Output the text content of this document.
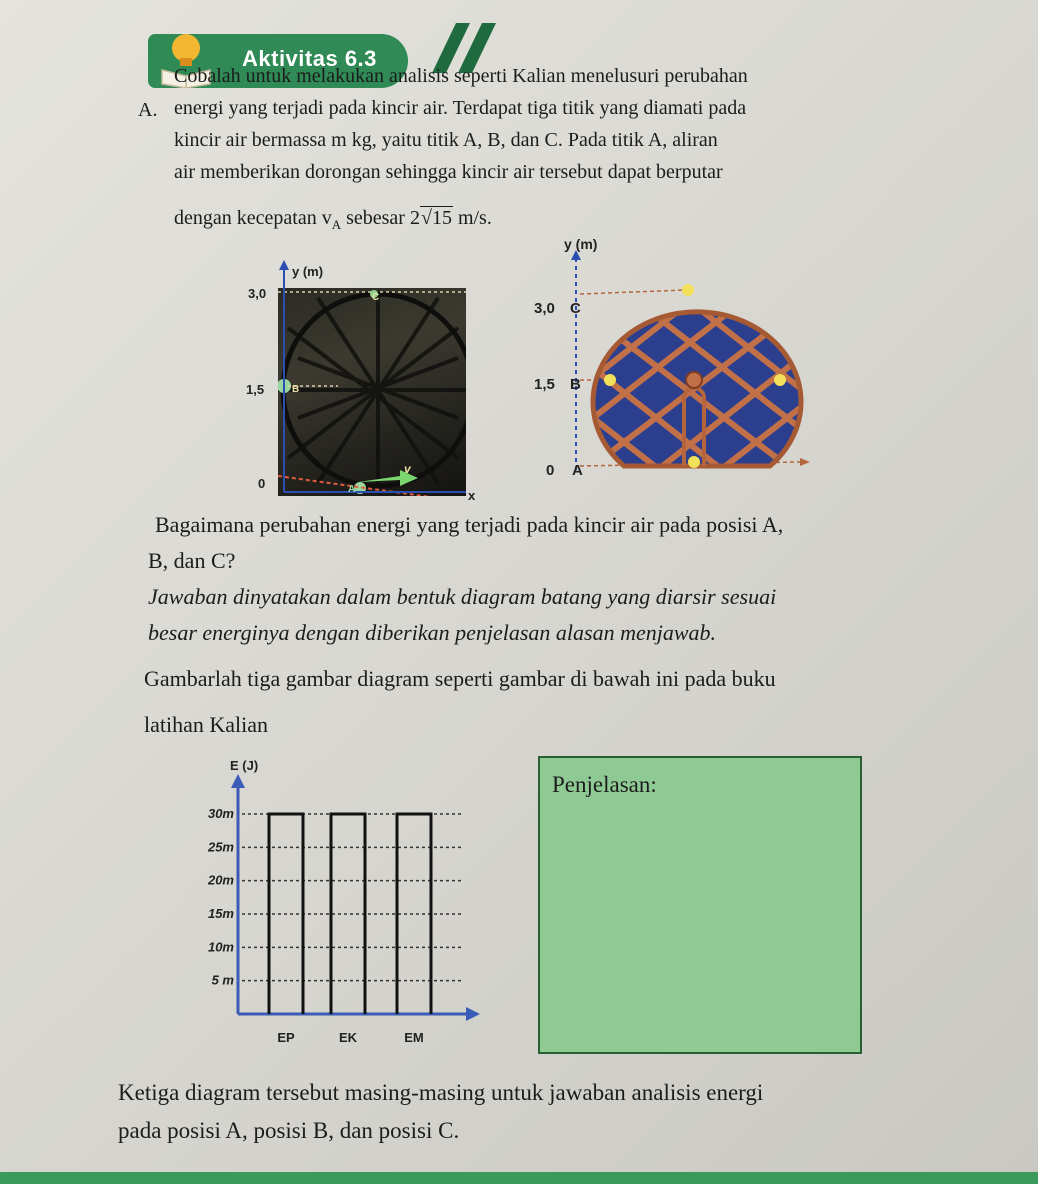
Aktivitas 6.3
A.
Cobalah untuk melakukan analisis seperti Kalian menelusuri perubahan
energi yang terjadi pada kincir air. Terdapat tiga titik yang diamati pada
kincir air bermassa m kg, yaitu titik A, B, dan C. Pada titik A, aliran
air memberikan dorongan sehingga kincir air tersebut dapat berputar
dengan kecepatan $v_A$ sebesar 2√15 m/s.
y (m)
3,0
1,5
0
x
C
B
A
v
y (m)
3,0
1,5
0
C
B
A
Bagaimana perubahan energi yang terjadi pada kincir air pada posisi A,
B, dan C?
Jawaban dinyatakan dalam bentuk diagram batang yang diarsir sesuai
besar energinya dengan diberikan penjelasan alasan menjawab.
Gambarlah tiga gambar diagram seperti gambar di bawah ini pada buku
latihan Kalian
E (J)
30m
25m
20m
15m
10m
5 m
EP	EK	EM
Penjelasan:
Ketiga diagram tersebut masing-masing untuk jawaban analisis energi
pada posisi A, posisi B, dan posisi C.
